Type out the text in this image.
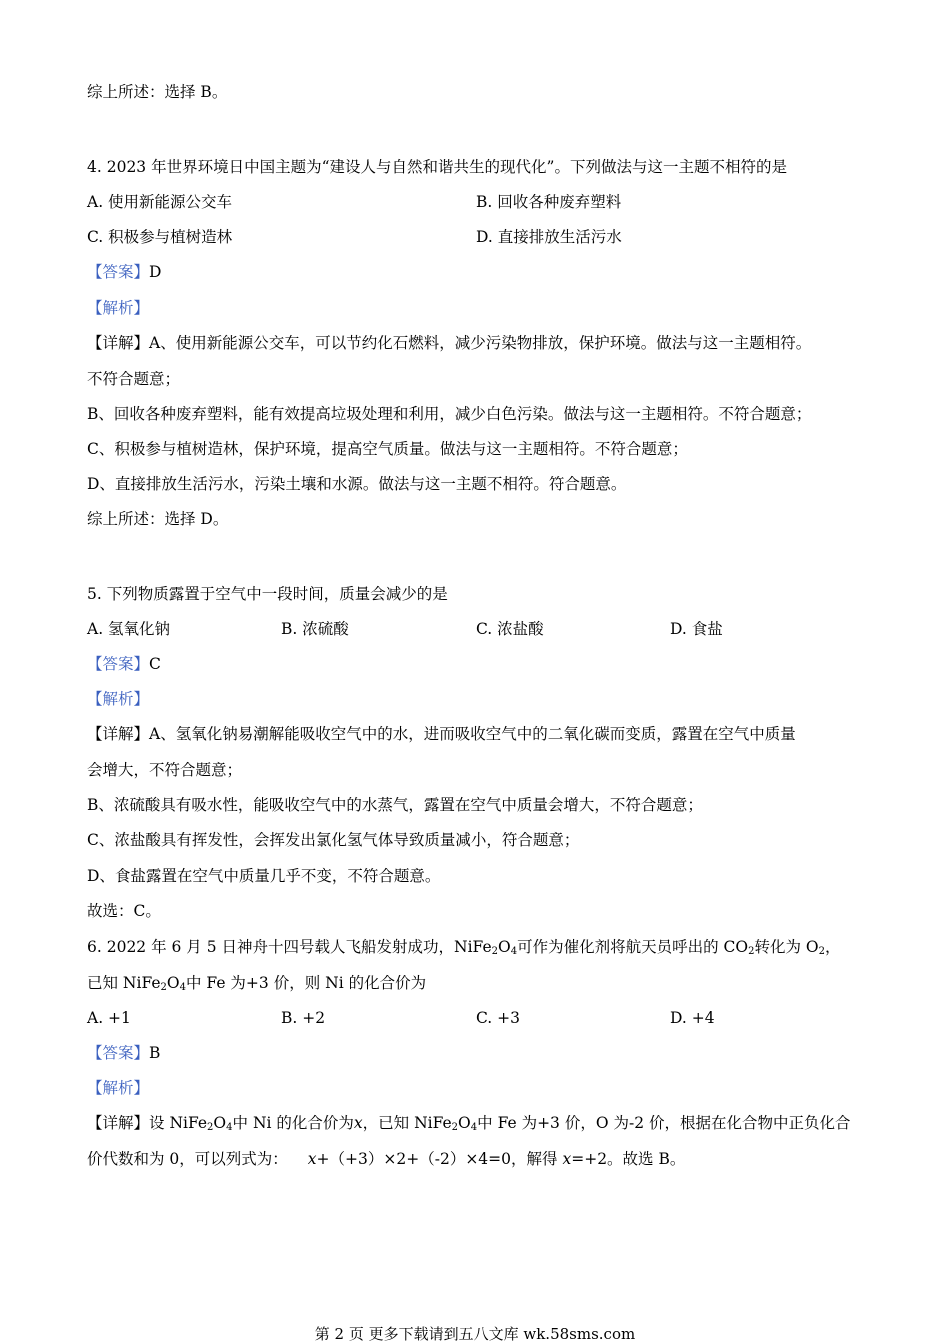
综上所述：选择 B。
4. 2023 年世界环境日中国主题为“建设人与自然和谐共生的现代化”。下列做法与这一主题不相符的是
A. 使用新能源公交车	B. 回收各种废弃塑料
C. 积极参与植树造林	D. 直接排放生活污水
【答案】D
【解析】
【详解】A、使用新能源公交车，可以节约化石燃料，减少污染物排放，保护环境。做法与这一主题相符。
不符合题意；
B、回收各种废弃塑料，能有效提高垃圾处理和利用，减少白色污染。做法与这一主题相符。不符合题意；
C、积极参与植树造林，保护环境，提高空气质量。做法与这一主题相符。不符合题意；
D、直接排放生活污水，污染土壤和水源。做法与这一主题不相符。符合题意。
综上所述：选择 D。
5. 下列物质露置于空气中一段时间，质量会减少的是
A. 氢氧化钠	B. 浓硫酸	C. 浓盐酸	D. 食盐
【答案】C
【解析】
【详解】A、氢氧化钠易潮解能吸收空气中的水，进而吸收空气中的二氧化碳而变质，露置在空气中质量
会增大，不符合题意；
B、浓硫酸具有吸水性，能吸收空气中的水蒸气，露置在空气中质量会增大，不符合题意；
C、浓盐酸具有挥发性，会挥发出氯化氢气体导致质量减小，符合题意；
D、食盐露置在空气中质量几乎不变，不符合题意。
故选：C。
6. 2022 年 6 月 5 日神舟十四号载人飞船发射成功，$NiFe_2O_4$可作为催化剂将航天员呼出的 $CO_2$转化为 $O_2$，
已知 $NiFe_2O_4$中 Fe 为+3 价，则 Ni 的化合价为
A. +1	B. +2	C. +3	D. +4
【答案】B
【解析】
【详解】设 $NiFe_2O_4$中 Ni 的化合价为x，已知 $NiFe_2O_4$中 Fe 为+3 价，O 为-2 价，根据在化合物中正负化合
价代数和为 0，可以列式为： x+（+3）×2+（-2）×4=0，解得 x=+2。故选 B。
第 2 页 更多下载请到五八文库 wk.58sms.com
